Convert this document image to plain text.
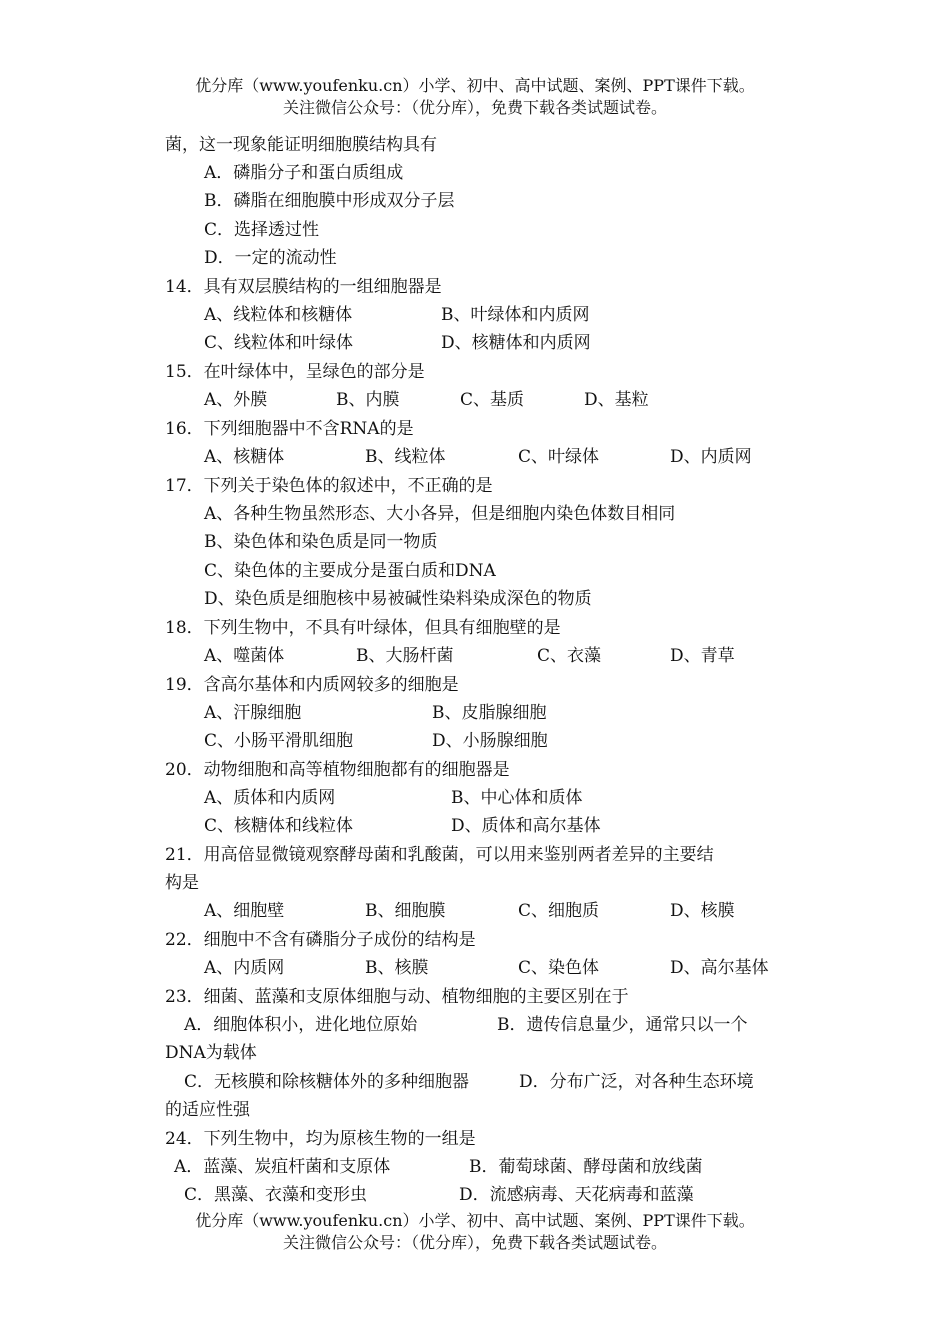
优分库（www.youfenku.cn）小学、初中、高中试题、案例、PPT课件下载。
关注微信公众号：（优分库），免费下载各类试题试卷。
菌，这一现象能证明细胞膜结构具有
A．磷脂分子和蛋白质组成
B．磷脂在细胞膜中形成双分子层
C．选择透过性
D．一定的流动性
14．具有双层膜结构的一组细胞器是
A、线粒体和核糖体	B、叶绿体和内质网
C、线粒体和叶绿体	D、核糖体和内质网
15．在叶绿体中，呈绿色的部分是
A、外膜	B、内膜	C、基质	D、基粒
16．下列细胞器中不含RNA的是
A、核糖体	B、线粒体	C、叶绿体	D、内质网
17．下列关于染色体的叙述中，不正确的是
A、各种生物虽然形态、大小各异，但是细胞内染色体数目相同
B、染色体和染色质是同一物质
C、染色体的主要成分是蛋白质和DNA
D、染色质是细胞核中易被碱性染料染成深色的物质
18．下列生物中，不具有叶绿体，但具有细胞壁的是
A、噬菌体	B、大肠杆菌	C、衣藻	D、青草
19．含高尔基体和内质网较多的细胞是
A、汗腺细胞	B、皮脂腺细胞
C、小肠平滑肌细胞	D、小肠腺细胞
20．动物细胞和高等植物细胞都有的细胞器是
A、质体和内质网	B、中心体和质体
C、核糖体和线粒体	D、质体和高尔基体
21．用高倍显微镜观察酵母菌和乳酸菌，可以用来鉴别两者差异的主要结
构是
A、细胞壁	B、细胞膜	C、细胞质	D、核膜
22．细胞中不含有磷脂分子成份的结构是
A、内质网	B、核膜	C、染色体	D、高尔基体
23．细菌、蓝藻和支原体细胞与动、植物细胞的主要区别在于
A．细胞体积小，进化地位原始	B．遗传信息量少，通常只以一个
DNA为载体
C．无核膜和除核糖体外的多种细胞器	D．分布广泛，对各种生态环境
的适应性强
24．下列生物中，均为原核生物的一组是
A．蓝藻、炭疽杆菌和支原体	B．葡萄球菌、酵母菌和放线菌
C．黑藻、衣藻和变形虫	D．流感病毒、天花病毒和蓝藻
优分库（www.youfenku.cn）小学、初中、高中试题、案例、PPT课件下载。
关注微信公众号：（优分库），免费下载各类试题试卷。
